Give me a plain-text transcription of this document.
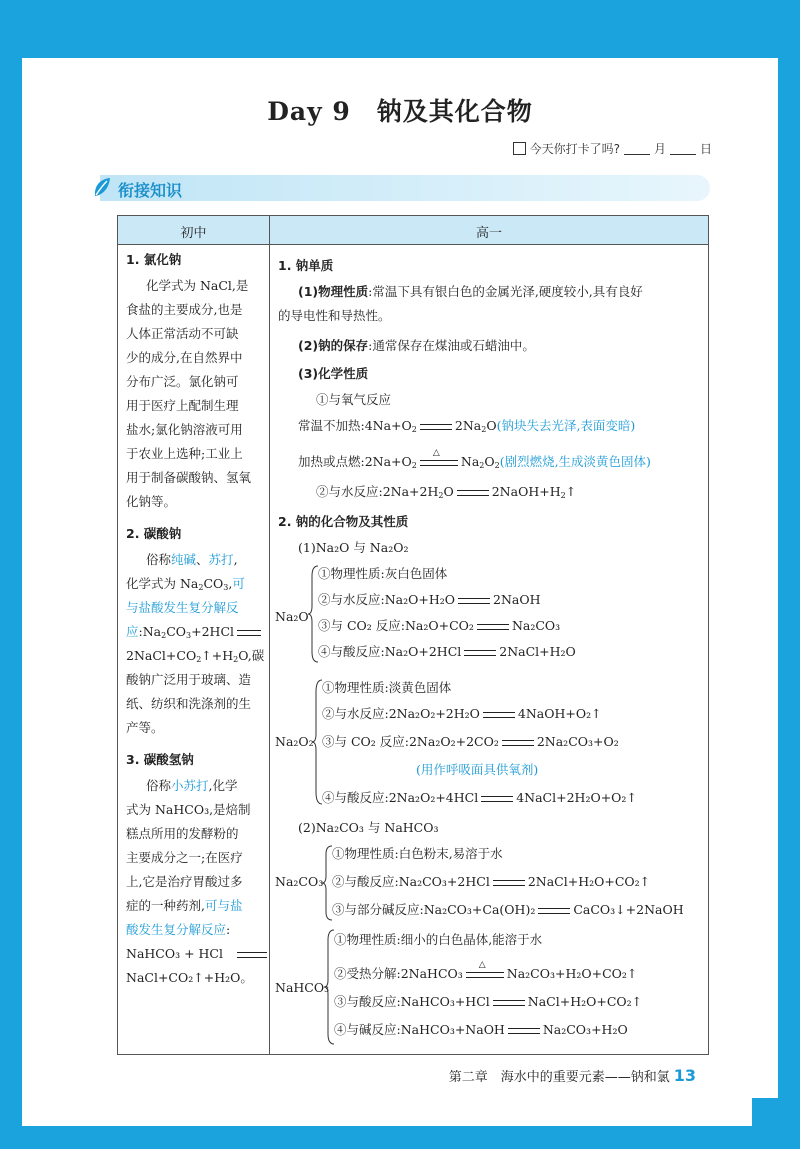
Day 9　钠及其化合物
今天你打卡了吗?	月	日
衔接知识
初中	高一
1. 氯化钠
化学式为 NaCl,是
食盐的主要成分,也是
人体正常活动不可缺
少的成分,在自然界中
分布广泛。氯化钠可
用于医疗上配制生理
盐水;氯化钠溶液可用
于农业上选种;工业上
用于制备碳酸钠、氢氧
化钠等。
2. 碳酸钠
俗称纯碱、苏打,
化学式为 $Na_2CO_3$,可
与盐酸发生复分解反
应$:Na_2CO_3+2HCl$
$2NaCl+CO_2↑+H_2O$,碳
酸钠广泛用于玻璃、造
纸、纺织和洗涤剂的生
产等。
3. 碳酸氢钠
俗称小苏打,化学
式为 NaHCO₃,是焙制
糕点所用的发酵粉的
主要成分之一;在医疗
上,它是治疗胃酸过多
症的一种药剂,可与盐
酸发生复分解反应:
NaHCO₃ + HCl
NaCl+CO₂↑+H₂O。
1. 钠单质
(1)物理性质:常温下具有银白色的金属光泽,硬度较小,具有良好
的导电性和导热性。
(2)钠的保存:通常保存在煤油或石蜡油中。
(3)化学性质
①与氧气反应
常温不加热$:4Na+O_2$	$2Na_2O$(钠块失去光泽,表面变暗)
加热或点燃$:2Na+O_2\triangle$	$Na_2O_2$(剧烈燃烧,生成淡黄色固体)
②与水反应$:2Na+2H_2O$	$2NaOH+H_2↑$
2. 钠的化合物及其性质
(1)Na₂O 与 Na₂O₂
Na₂O
①物理性质:灰白色固体
②与水反应:Na₂O+H₂O	2NaOH
③与 CO₂ 反应:Na₂O+CO₂	Na₂CO₃
④与酸反应:Na₂O+2HCl	2NaCl+H₂O
Na₂O₂
①物理性质:淡黄色固体
②与水反应:2Na₂O₂+2H₂O	4NaOH+O₂↑
③与 CO₂ 反应:2Na₂O₂+2CO₂	2Na₂CO₃+O₂
(用作呼吸面具供氧剂)
④与酸反应:2Na₂O₂+4HCl	4NaCl+2H₂O+O₂↑
(2)Na₂CO₃ 与 NaHCO₃
Na₂CO₃
①物理性质:白色粉末,易溶于水
②与酸反应:Na₂CO₃+2HCl	2NaCl+H₂O+CO₂↑
③与部分碱反应:Na₂CO₃+Ca(OH)₂	CaCO₃↓+2NaOH
NaHCO₃
①物理性质:细小的白色晶体,能溶于水
②受热分解:2NaHCO₃△	Na₂CO₃+H₂O+CO₂↑
③与酸反应:NaHCO₃+HCl	NaCl+H₂O+CO₂↑
④与碱反应:NaHCO₃+NaOH	Na₂CO₃+H₂O
第二章　海水中的重要元素——钠和氯 13
